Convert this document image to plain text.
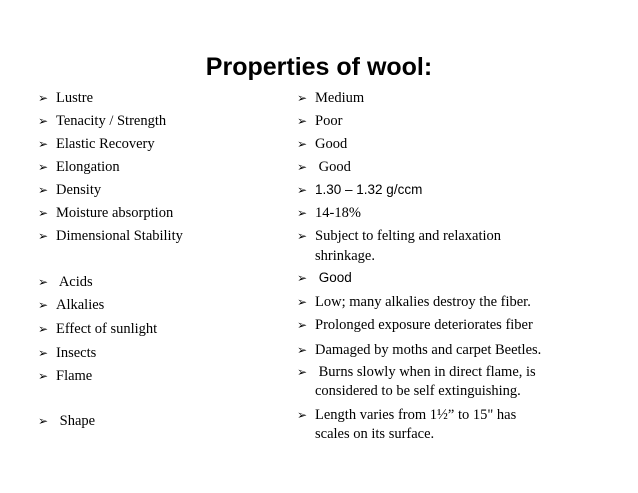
Properties of wool:
➢ Lustre
➢ Tenacity / Strength
➢ Elastic Recovery
➢ Elongation
➢ Density
➢ Moisture absorption
➢ Dimensional Stability
➢ Acids
➢ Alkalies
➢ Effect of sunlight
➢ Insects
➢ Flame
➢ Shape
➢ Medium
➢ Poor
➢ Good
➢ Good
➢ 1.30 – 1.32 g/ccm
➢ 14-18%
➢ Subject to felting and relaxation
shrinkage.
➢ Good
➢ Low; many alkalies destroy the fiber.
➢ Prolonged exposure deteriorates fiber
➢ Damaged by moths and carpet Beetles.
➢ Burns slowly when in direct flame, is
considered to be self extinguishing.
➢ Length varies from 1½” to 15" has
scales on its surface.
